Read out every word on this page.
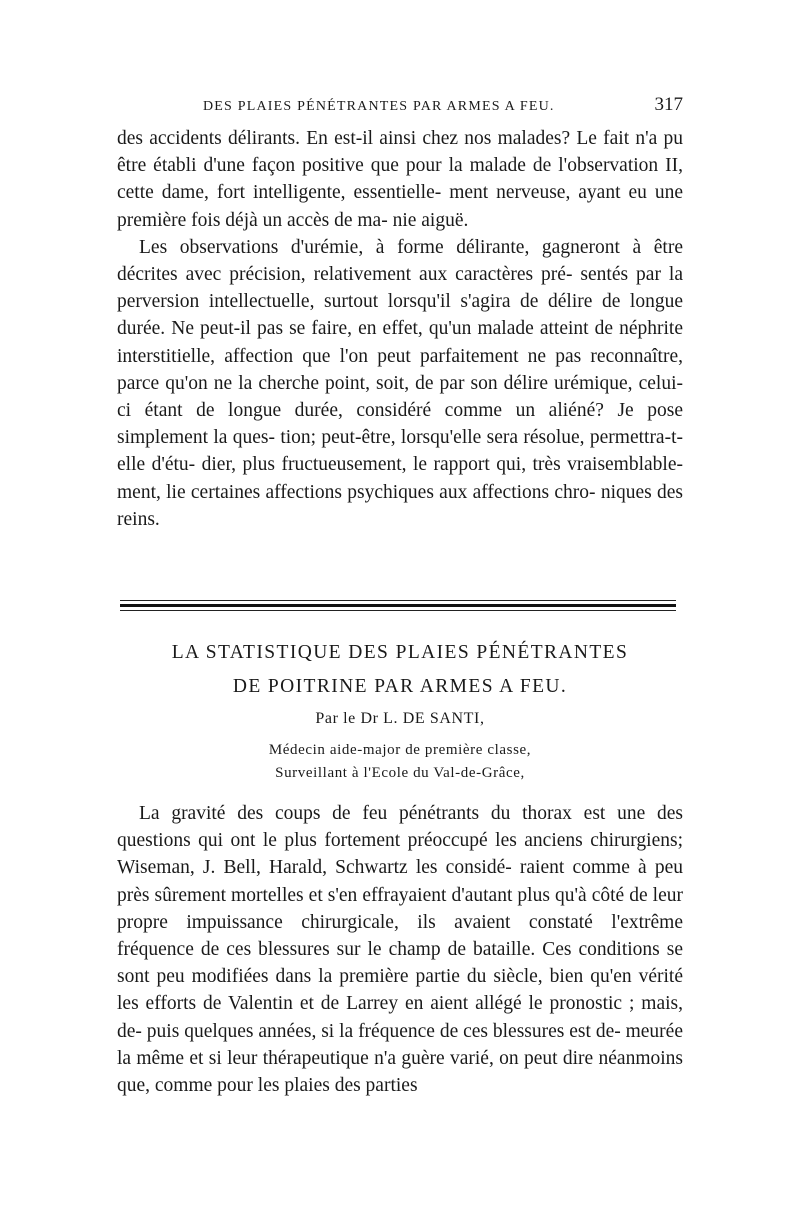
DES PLAIES PÉNÉTRANTES PAR ARMES A FEU.	317

des accidents délirants. En est-il ainsi chez nos malades? Le fait n'a pu être établi d'une façon positive que pour la malade de l'observation II, cette dame, fort intelligente, essentielle- ment nerveuse, ayant eu une première fois déjà un accès de ma- nie aiguë.

Les observations d'urémie, à forme délirante, gagneront à être décrites avec précision, relativement aux caractères pré- sentés par la perversion intellectuelle, surtout lorsqu'il s'agira de délire de longue durée. Ne peut-il pas se faire, en effet, qu'un malade atteint de néphrite interstitielle, affection que l'on peut parfaitement ne pas reconnaître, parce qu'on ne la cherche point, soit, de par son délire urémique, celui-ci étant de longue durée, considéré comme un aliéné? Je pose simplement la ques- tion; peut-être, lorsqu'elle sera résolue, permettra-t-elle d'étu- dier, plus fructueusement, le rapport qui, très vraisemblable- ment, lie certaines affections psychiques aux affections chro- niques des reins.

LA STATISTIQUE DES PLAIES PÉNÉTRANTES
DE POITRINE PAR ARMES A FEU.
Par le Dr L. DE SANTI,
Médecin aide-major de première classe,
Surveillant à l'Ecole du Val-de-Grâce,

La gravité des coups de feu pénétrants du thorax est une des questions qui ont le plus fortement préoccupé les anciens chirurgiens; Wiseman, J. Bell, Harald, Schwartz les considé- raient comme à peu près sûrement mortelles et s'en effrayaient d'autant plus qu'à côté de leur propre impuissance chirurgicale, ils avaient constaté l'extrême fréquence de ces blessures sur le champ de bataille. Ces conditions se sont peu modifiées dans la première partie du siècle, bien qu'en vérité les efforts de Valentin et de Larrey en aient allégé le pronostic ; mais, de- puis quelques années, si la fréquence de ces blessures est de- meurée la même et si leur thérapeutique n'a guère varié, on peut dire néanmoins que, comme pour les plaies des parties
